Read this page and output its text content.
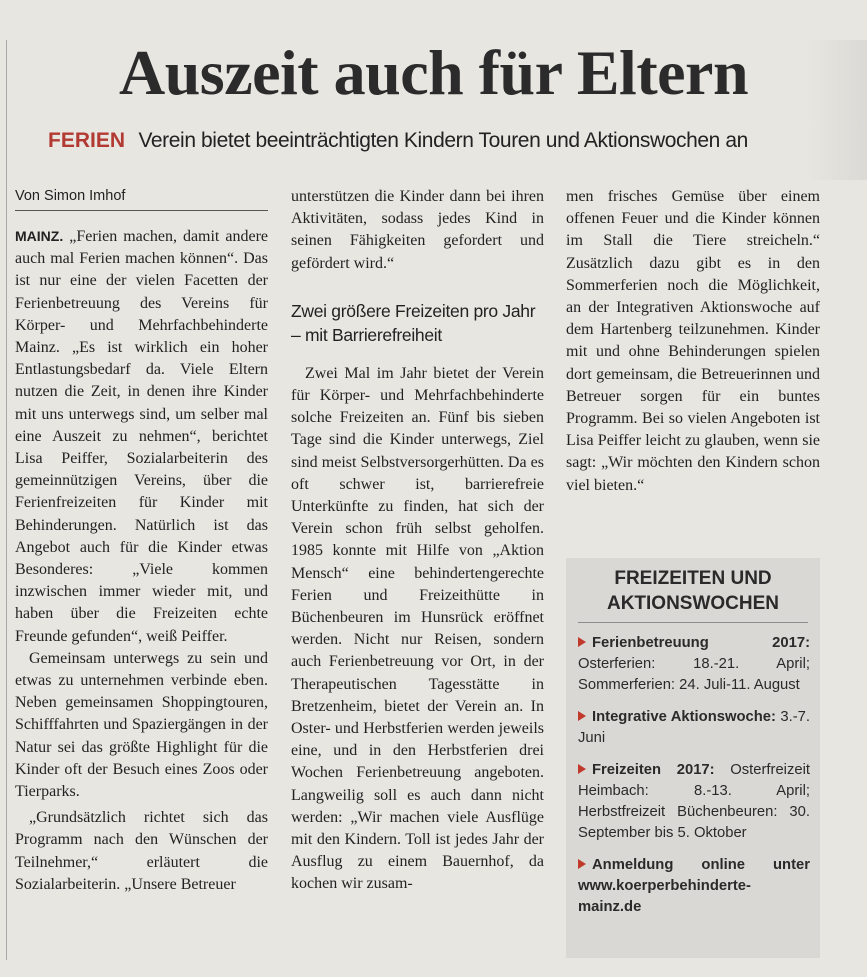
Auszeit auch für Eltern
FERIEN Verein bietet beeinträchtigten Kindern Touren und Aktionswochen an
Von Simon Imhof

MAINZ. „Ferien machen, damit andere auch mal Ferien machen können“. Das ist nur eine der vielen Facetten der Ferienbetreuung des Vereins für Körper- und Mehrfachbehinderte Mainz. „Es ist wirklich ein hoher Entlastungsbedarf da. Viele Eltern nutzen die Zeit, in denen ihre Kinder mit uns unterwegs sind, um selber mal eine Auszeit zu nehmen“, berichtet Lisa Peiffer, Sozialarbeiterin des gemeinnützigen Vereins, über die Ferienfreizeiten für Kinder mit Behinderungen. Natürlich ist das Angebot auch für die Kinder etwas Besonderes: „Viele kommen inzwischen immer wieder mit, und haben über die Freizeiten echte Freunde gefunden“, weiß Peiffer.

Gemeinsam unterwegs zu sein und etwas zu unternehmen verbinde eben. Neben gemeinsamen Shoppingtouren, Schifffahrten und Spaziergängen in der Natur sei das größte Highlight für die Kinder oft der Besuch eines Zoos oder Tierparks.

„Grundsätzlich richtet sich das Programm nach den Wünschen der Teilnehmer,“ erläutert die Sozialarbeiterin. „Unsere Betreuer

unterstützen die Kinder dann bei ihren Aktivitäten, sodass jedes Kind in seinen Fähigkeiten gefordert und gefördert wird.“

Zwei größere Freizeiten pro Jahr – mit Barrierefreiheit

Zwei Mal im Jahr bietet der Verein für Körper- und Mehrfachbehinderte solche Freizeiten an. Fünf bis sieben Tage sind die Kinder unterwegs, Ziel sind meist Selbstversorgerhütten. Da es oft schwer ist, barrierefreie Unterkünfte zu finden, hat sich der Verein schon früh selbst geholfen. 1985 konnte mit Hilfe von „Aktion Mensch“ eine behindertengerechte Ferien und Freizeithütte in Büchenbeuren im Hunsrück eröffnet werden. Nicht nur Reisen, sondern auch Ferienbetreuung vor Ort, in der Therapeutischen Tagesstätte in Bretzenheim, bietet der Verein an. In Oster- und Herbstferien werden jeweils eine, und in den Herbstferien drei Wochen Ferienbetreuung angeboten. Langweilig soll es auch dann nicht werden: „Wir machen viele Ausflüge mit den Kindern. Toll ist jedes Jahr der Ausflug zu einem Bauernhof, da kochen wir zusam-

men frisches Gemüse über einem offenen Feuer und die Kinder können im Stall die Tiere streicheln.“ Zusätzlich dazu gibt es in den Sommerferien noch die Möglichkeit, an der Integrativen Aktionswoche auf dem Hartenberg teilzunehmen. Kinder mit und ohne Behinderungen spielen dort gemeinsam, die Betreuerinnen und Betreuer sorgen für ein buntes Programm. Bei so vielen Angeboten ist Lisa Peiffer leicht zu glauben, wenn sie sagt: „Wir möchten den Kindern schon viel bieten.“

FREIZEITEN UND AKTIONSWOCHEN
Ferienbetreuung 2017: Osterferien: 18.-21. April; Sommerferien: 24. Juli-11. August
Integrative Aktionswoche: 3.-7. Juni
Freizeiten 2017: Osterfreizeit Heimbach: 8.-13. April; Herbstfreizeit Büchenbeuren: 30. September bis 5. Oktober
Anmeldung online unter www.koerperbehinderte-mainz.de
